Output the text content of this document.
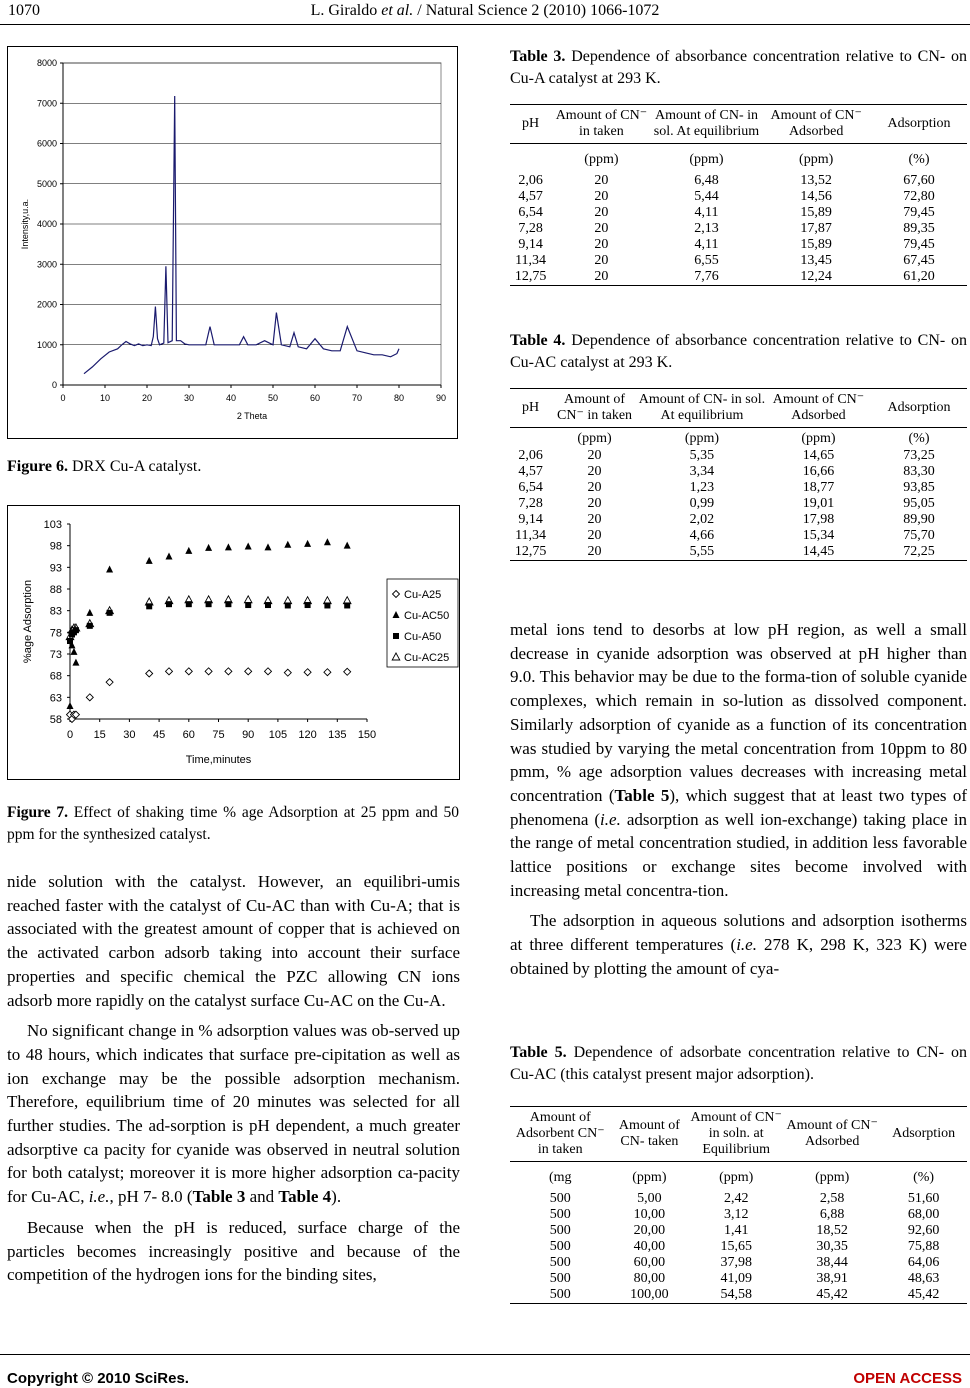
1070	L. Giraldo et al. / Natural Science 2 (2010) 1066-1072
0
1000
2000
3000
4000
5000
6000
7000
8000
0	10	20	30	40	50	60	70	80	90
2 Theta
Intensity,u.a.
Figure 6. DRX Cu-A catalyst.
58
63
68
73
78
83
88
93
98
103
0 15 30 45 60 75 90 105 120 135 150
Time,minutes
%age Adsorption	Cu-A25
Cu-AC50
Cu-A50
Cu-AC25
Figure 7. Effect of shaking time % age Adsorption at 25 ppm and 50 ppm for the synthesized catalyst.

nide solution with the catalyst. However, an equilibri-umis reached faster with the catalyst of Cu-AC than with Cu-A; that is associated with the greatest amount of copper that is achieved on the activated carbon adsorb taking into account their surface properties and specific chemical the PZC allowing CN ions adsorb more rapidly on the catalyst surface Cu-AC on the Cu-A.

No significant change in % adsorption values was ob-served up to 48 hours, which indicates that surface pre-cipitation as well as ion exchange may be the possible adsorption mechanism. Therefore, equilibrium time of 20 minutes was selected for all further studies. The ad-sorption is pH dependent, a much greater adsorptive ca pacity for cyanide was observed in neutral solution for both catalyst; moreover it is more higher adsorption ca-pacity for Cu-AC, i.e., pH 7- 8.0 (Table 3 and Table 4).

Because when the pH is reduced, surface charge of the particles becomes increasingly positive and because of the competition of the hydrogen ions for the binding sites,

Table 3. Dependence of absorbance concentration relative to CN- on Cu-A catalyst at 293 K.
pH	Amount of CN⁻ in taken	Amount of CN- in sol. At equilibrium	Amount of CN⁻ Adsorbed	Adsorption
	(ppm)	(ppm)	(ppm)	(%)
2,06	20	6,48	13,52	67,60
4,57	20	5,44	14,56	72,80
6,54	20	4,11	15,89	79,45
7,28	20	2,13	17,87	89,35
9,14	20	4,11	15,89	79,45
11,34	20	6,55	13,45	67,45
12,75	20	7,76	12,24	61,20
Table 4. Dependence of absorbance concentration relative to CN- on Cu-AC catalyst at 293 K.
pH	Amount of CN⁻ in taken	Amount of CN- in sol. At equilibrium	Amount of CN⁻ Adsorbed	Adsorption
	(ppm)	(ppm)	(ppm)	(%)
2,06	20	5,35	14,65	73,25
4,57	20	3,34	16,66	83,30
6,54	20	1,23	18,77	93,85
7,28	20	0,99	19,01	95,05
9,14	20	2,02	17,98	89,90
11,34	20	4,66	15,34	75,70
12,75	20	5,55	14,45	72,25

metal ions tend to desorbs at low pH region, as well a small decrease in cyanide adsorption was observed at pH higher than 9.0. This behavior may be due to the forma-tion of soluble cyanide complexes, which remain in so-lution as dissolved component. Similarly adsorption of cyanide as a function of its concentration was studied by varying the metal concentration from 10ppm to 80 pmm, % age adsorption values decreases with increasing metal concentration (Table 5), which suggest that at least two types of phenomena (i.e. adsorption as well ion-exchange) taking place in the range of metal concentration studied, in addition less favorable lattice positions or exchange sites become involved with increasing metal concentra-tion.

The adsorption in aqueous solutions and adsorption isotherms at three different temperatures (i.e. 278 K, 298 K, 323 K) were obtained by plotting the amount of cya-

Table 5. Dependence of adsorbate concentration relative to CN- on Cu-AC (this catalyst present major adsorption).
Amount of Adsorbent CN⁻ in taken	Amount of CN- taken	Amount of CN⁻ in soln. at Equilibrium	Amount of CN⁻ Adsorbed	Adsorption
(mg	(ppm)	(ppm)	(ppm)	(%)
500	5,00	2,42	2,58	51,60
500	10,00	3,12	6,88	68,00
500	20,00	1,41	18,52	92,60
500	40,00	15,65	30,35	75,88
500	60,00	37,98	38,44	64,06
500	80,00	41,09	38,91	48,63
500	100,00	54,58	45,42	45,42
Copyright © 2010 SciRes.	OPEN ACCESS
